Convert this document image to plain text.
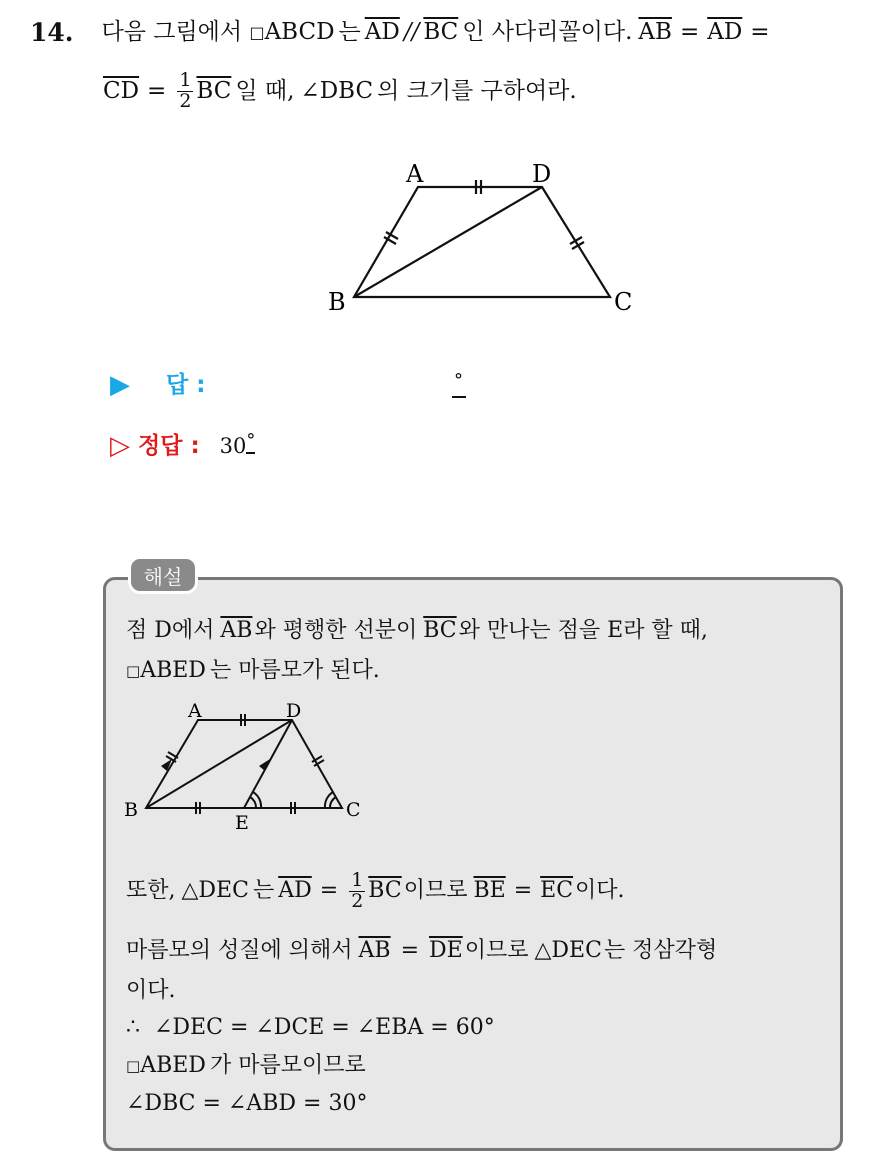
14. 다음 그림에서 □ ABCD 는 $\overline{AD} // \overline{BC}$ 인 사다리꼴이다. $\overline{AB} = \overline{AD}$ =
$\overline{CD} = \frac{1}{2} \overline{BC}$ 일 때, ∠DBC 의 크기를 구하여라.
A	D
B	C
▶ 답 :	°
▷ 정답 : 30 °
해설
점 D에서 $\overline{AB}$ 와 평행한 선분이 $\overline{BC}$ 와 만나는 점을 E라 할 때,
□ ABED 는 마름모가 된다.
A	D
B	C
E
또한, △DEC 는 $\overline{AD} = \frac{1}{2} \overline{BC}$ 이므로 $\overline{BE} = \overline{EC}$ 이다.
마름모의 성질에 의해서 $\overline{AB} = \overline{DE}$ 이므로 △DEC 는 정삼각형
이다.
∴  ∠DEC = ∠DCE = ∠EBA = 60°
□ ABED 가 마름모이므로
∠DBC = ∠ABD = 30°
